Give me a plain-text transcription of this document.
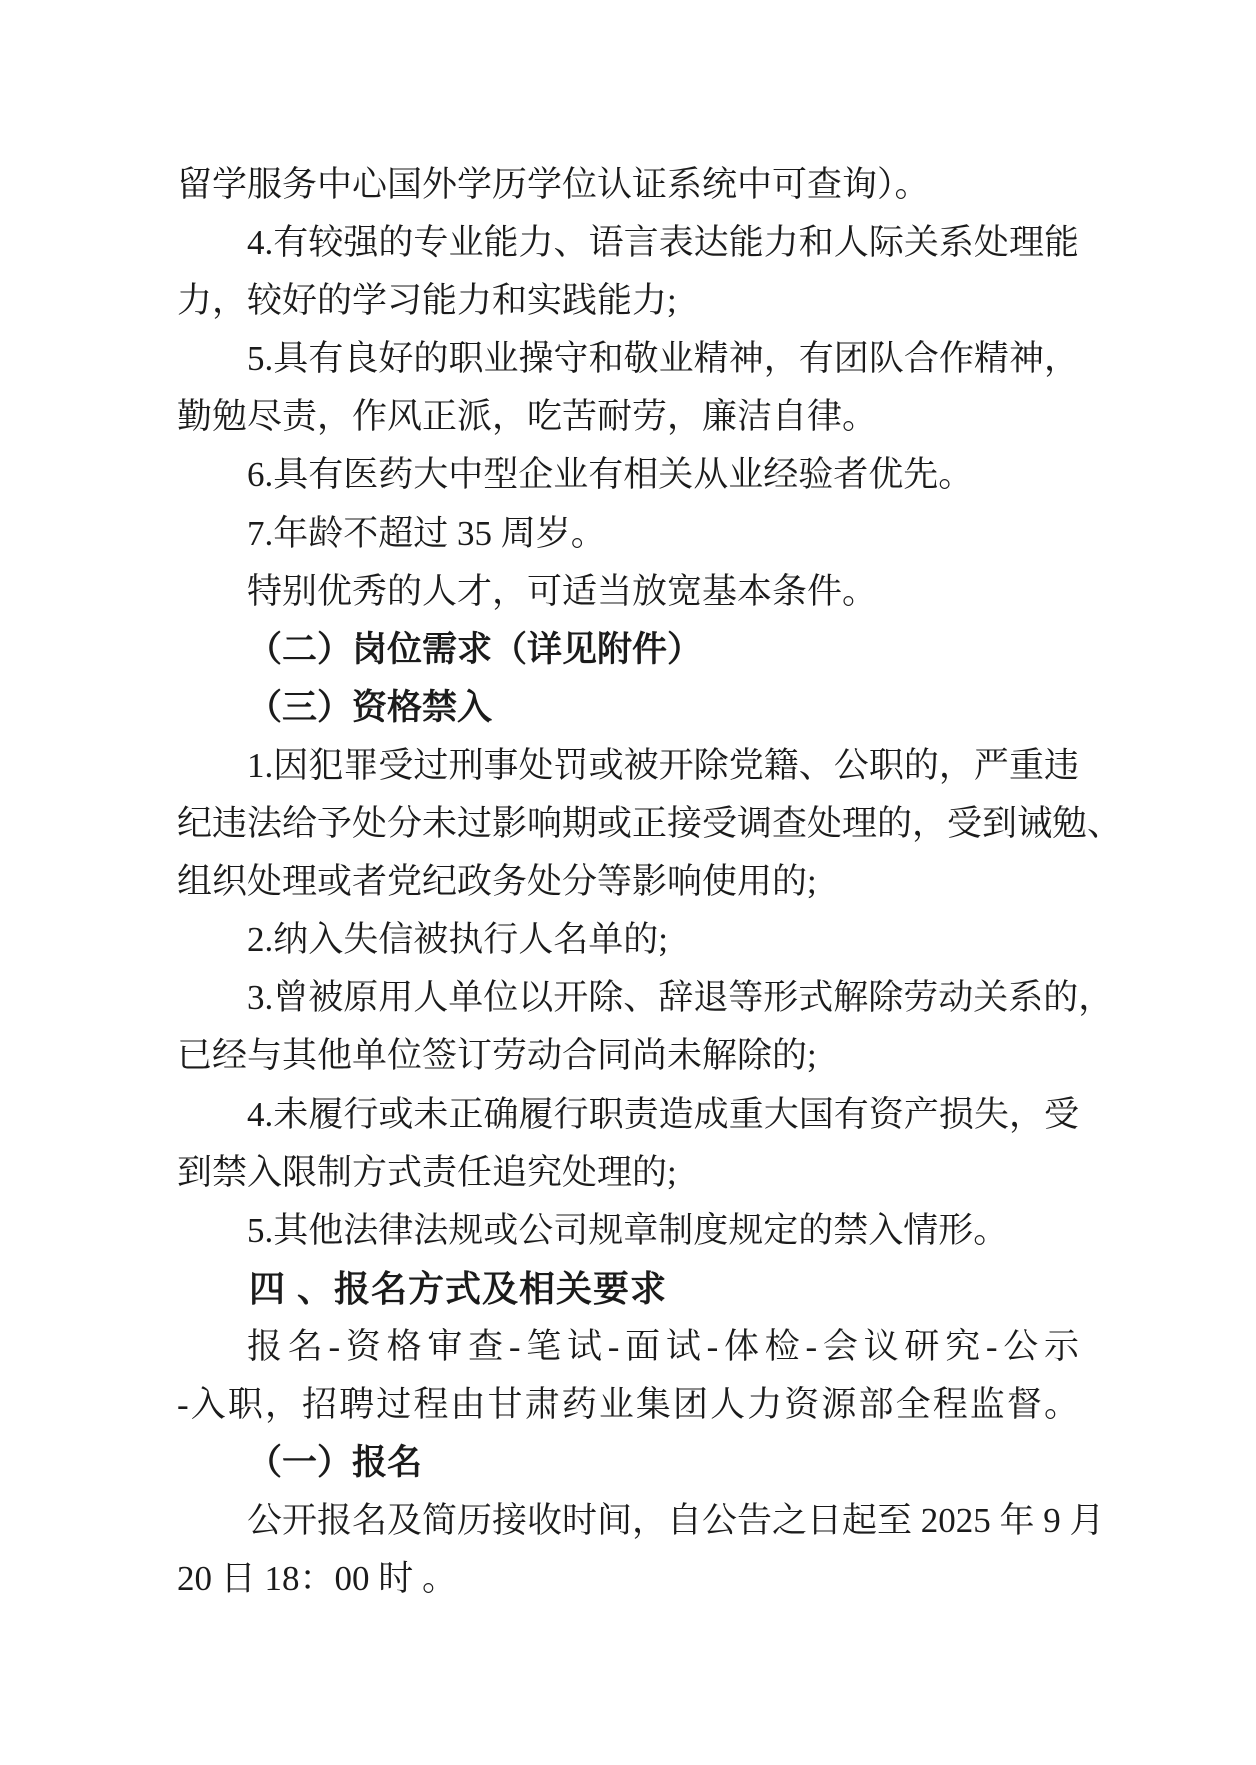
留学服务中心国外学历学位认证系统中可查询）。
4.有较强的专业能力、语言表达能力和人际关系处理能
力，较好的学习能力和实践能力;
5.具有良好的职业操守和敬业精神，有团队合作精神，
勤勉尽责，作风正派，吃苦耐劳，廉洁自律。
6.具有医药大中型企业有相关从业经验者优先。
7.年龄不超过 35 周岁。
特别优秀的人才，可适当放宽基本条件。
（二）岗位需求（详见附件）
（三）资格禁入
1.因犯罪受过刑事处罚或被开除党籍、公职的，严重违
纪违法给予处分未过影响期或正接受调查处理的，受到诫勉、
组织处理或者党纪政务处分等影响使用的;
2.纳入失信被执行人名单的;
3.曾被原用人单位以开除、辞退等形式解除劳动关系的，
已经与其他单位签订劳动合同尚未解除的;
4.未履行或未正确履行职责造成重大国有资产损失，受
到禁入限制方式责任追究处理的;
5.其他法律法规或公司规章制度规定的禁入情形。
四 、报名方式及相关要求
报名-资格审查-笔试-面试-体检-会议研究-公示
-入职，招聘过程由甘肃药业集团人力资源部全程监督。
（一）报名
公开报名及简历接收时间，自公告之日起至 2025 年 9 月
20 日 18：00 时 。
